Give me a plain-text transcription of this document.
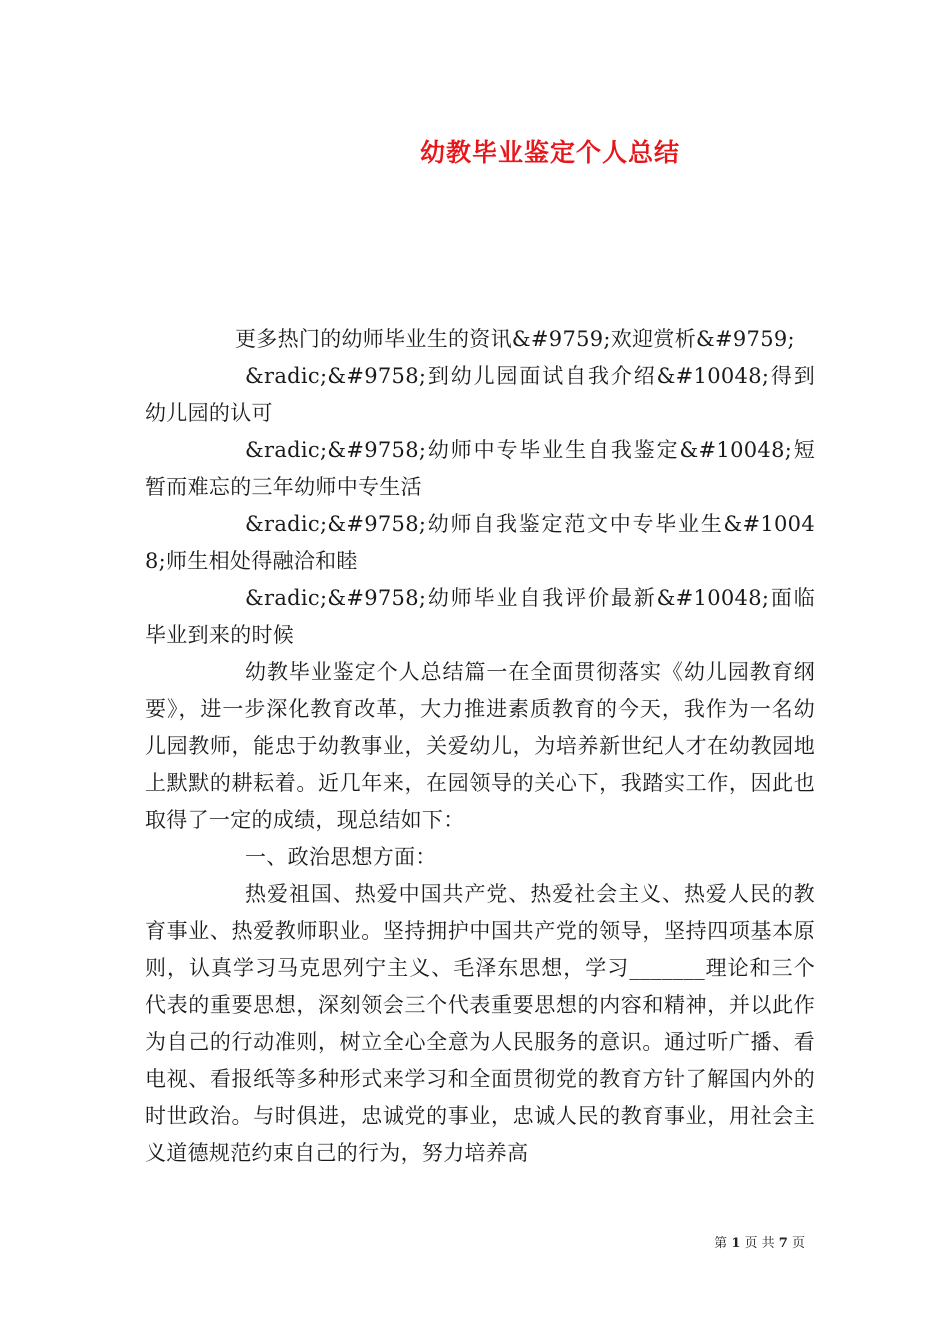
幼教毕业鉴定个人总结

更多热门的幼师毕业生的资讯&#9759;欢迎赏析&#9759;

&radic;&#9758;到幼儿园面试自我介绍&#10048;得到幼儿园的认可

&radic;&#9758;幼师中专毕业生自我鉴定&#10048;短暂而难忘的三年幼师中专生活

&radic;&#9758;幼师自我鉴定范文中专毕业生&#10048;师生相处得融洽和睦

&radic;&#9758;幼师毕业自我评价最新&#10048;面临毕业到来的时候

幼教毕业鉴定个人总结篇一在全面贯彻落实《幼儿园教育纲要》，进一步深化教育改革，大力推进素质教育的今天，我作为一名幼儿园教师，能忠于幼教事业，关爱幼儿，为培养新世纪人才在幼教园地上默默的耕耘着。近几年来，在园领导的关心下，我踏实工作，因此也取得了一定的成绩，现总结如下：

一、政治思想方面：

热爱祖国、热爱中国共产党、热爱社会主义、热爱人民的教育事业、热爱教师职业。坚持拥护中国共产党的领导，坚持四项基本原则，认真学习马克思列宁主义、毛泽东思想，学习_______理论和三个代表的重要思想，深刻领会三个代表重要思想的内容和精神，并以此作为自己的行动准则，树立全心全意为人民服务的意识。通过听广播、看电视、看报纸等多种形式来学习和全面贯彻党的教育方针了解国内外的时世政治。与时俱进，忠诚党的事业，忠诚人民的教育事业，用社会主义道德规范约束自己的行为，努力培养高

第 1 页 共 7 页
